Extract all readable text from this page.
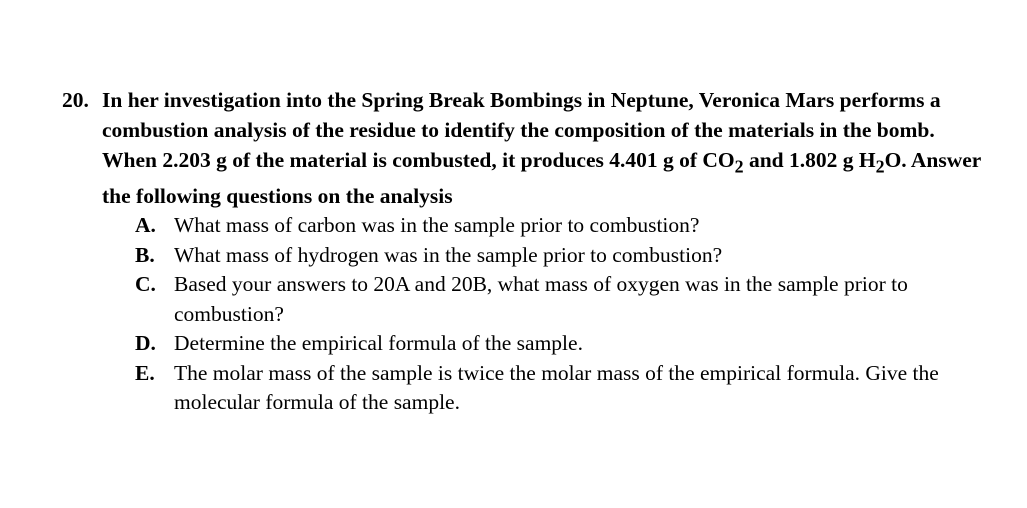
20. In her investigation into the Spring Break Bombings in Neptune, Veronica Mars performs a combustion analysis of the residue to identify the composition of the materials in the bomb. When 2.203 g of the material is combusted, it produces 4.401 g of $CO_2$ and 1.802 g $H_2O$. Answer the following questions on the analysis

A. What mass of carbon was in the sample prior to combustion?
B. What mass of hydrogen was in the sample prior to combustion?
C. Based your answers to 20A and 20B, what mass of oxygen was in the sample prior to combustion?
D. Determine the empirical formula of the sample.
E. The molar mass of the sample is twice the molar mass of the empirical formula. Give the molecular formula of the sample.
